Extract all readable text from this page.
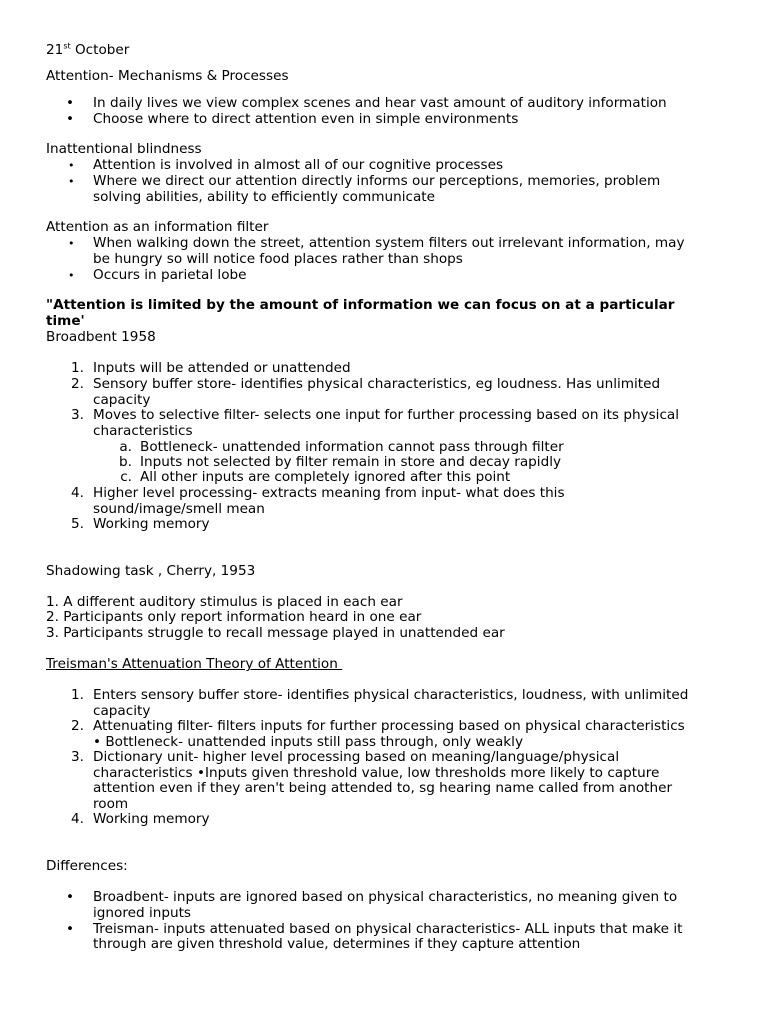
21st October
Attention- Mechanisms & Processes
• In daily lives we view complex scenes and hear vast amount of auditory information
• Choose where to direct attention even in simple environments
Inattentional blindness
• Attention is involved in almost all of our cognitive processes
• Where we direct our attention directly informs our perceptions, memories, problem
solving abilities, ability to efficiently communicate
Attention as an information filter
• When walking down the street, attention system filters out irrelevant information, may
be hungry so will notice food places rather than shops
• Occurs in parietal lobe
"Attention is limited by the amount of information we can focus on at a particular
time'
Broadbent 1958
1. Inputs will be attended or unattended
2. Sensory buffer store- identifies physical characteristics, eg loudness. Has unlimited
capacity
3. Moves to selective filter- selects one input for further processing based on its physical
characteristics
a. Bottleneck- unattended information cannot pass through filter
b. Inputs not selected by filter remain in store and decay rapidly
c. All other inputs are completely ignored after this point
4. Higher level processing- extracts meaning from input- what does this
sound/image/smell mean
5. Working memory
Shadowing task , Cherry, 1953
1. A different auditory stimulus is placed in each ear
2. Participants only report information heard in one ear
3. Participants struggle to recall message played in unattended ear
Treisman's Attenuation Theory of Attention
1. Enters sensory buffer store- identifies physical characteristics, loudness, with unlimited
capacity
2. Attenuating filter- filters inputs for further processing based on physical characteristics
• Bottleneck- unattended inputs still pass through, only weakly
3. Dictionary unit- higher level processing based on meaning/language/physical
characteristics •Inputs given threshold value, low thresholds more likely to capture
attention even if they aren't being attended to, sg hearing name called from another
room
4. Working memory
Differences:
• Broadbent- inputs are ignored based on physical characteristics, no meaning given to
ignored inputs
• Treisman- inputs attenuated based on physical characteristics- ALL inputs that make it
through are given threshold value, determines if they capture attention
